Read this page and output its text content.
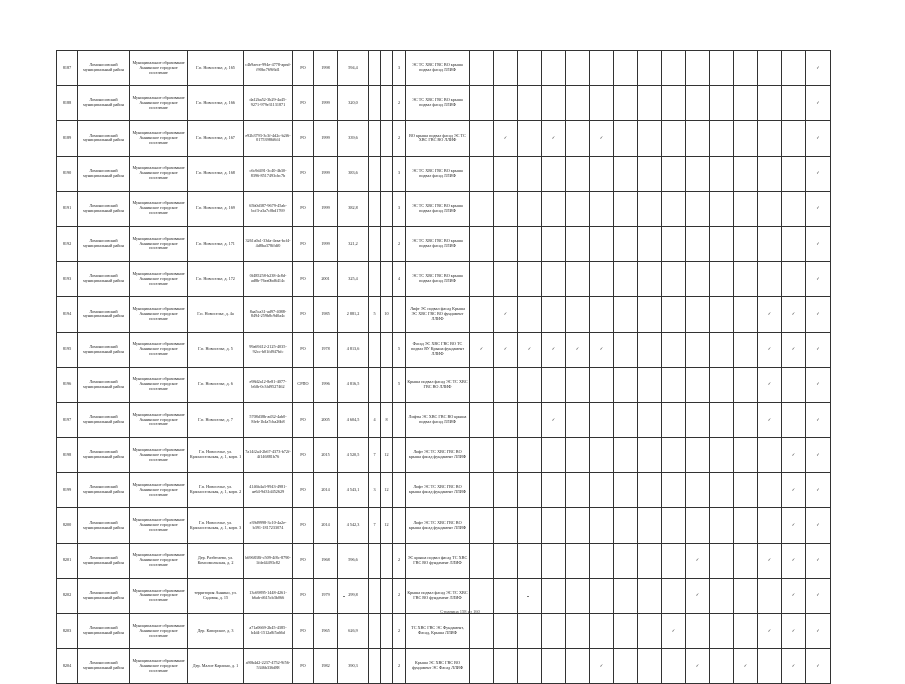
8187	Ломоносовский муниципальный район	Муниципальное образование Аннинское городское поселение	Г.п. Новоселье, д. 165	c4b9aece-994e-4778-apnd-f90bc769f6d1	РО	1998	594,4			3	ЭС ТС ХВС ГВС ВО крыша подвал фасад ЛЛИФ															✓
8188	Ломоносовский муниципальный район	Муниципальное образование Аннинское городское поселение	Г.п. Новоселье, д. 166	da12ba52-3b29-4a45-9271-979e31131871	РО	1999	320,0			2	ЭС ТС ХВС ГВС ВО крыша подвал фасад ЛЛИФ															✓
8189	Ломоносовский муниципальный район	Муниципальное образование Аннинское городское поселение	Г.п. Новоселье, д. 167	e92b3793-3c3f-4d2c-b2f6-01753986f6f4	РО	1999	339,6			2	ВО крыша подвал фасад ЭС ТС ХВС ГВС ВО ЛЛИФ		✓		✓		✓									✓
8190	Ломоносовский муниципальный район	Муниципальное образование Аннинское городское поселение	Г.п. Новоселье, д. 168	c6c9d491-3c40-4b30-8396-8517493cbc7b	РО	1999	383,6			3	ЭС ТС ХВС ГВС ВО крыша подвал фасад ЛЛИФ															✓
8191	Ломоносовский муниципальный район	Муниципальное образование Аннинское городское поселение	Г.п. Новоселье, д. 169	65b0d387-9679-45ab-bcf3-a3a7c0bd1769	РО	1999	382,8			3	ЭС ТС ХВС ГВС ВО крыша подвал фасад ЛЛИФ															✓
8192	Ломоносовский муниципальный район	Муниципальное образование Аннинское городское поселение	Г.п. Новоселье, д. 171	3261a0a1-33da-4eaa-bcf4-4d8ba378ffdf0	РО	1999	321,2			2	ЭС ТС ХВС ГВС ВО крыша подвал фасад ЛЛИФ															✓
8193	Ломоносовский муниципальный район	Муниципальное образование Аннинское городское поселение	Г.п. Новоселье, д. 172	0f485258-b238-4c8d-ad8b-76ea0bd6414c	РО	2001	325,4			4	ЭС ТС ХВС ГВС ВО крыша подвал фасад ЛЛИФ															✓
8194	Ломоносовский муниципальный район	Муниципальное образование Аннинское городское поселение	Г.п. Новоселье, д. 4а	8aa5ca31-ad97-4088-8494-259b8c9d0a4c	РО	1985	2 881,2	5	10		Лифт ЭС подвал фасад Крыша ЭС ХВС ГВС ВО фундамент ЛЛИФ		✓											✓	✓	✓
8195	Ломоносовский муниципальный район	Муниципальное образование Аннинское городское поселение	Г.п. Новоселье, д. 5	99a69412-2125-4035-92cc-b01fd947bfc	РО	1978	4 813,6			5	Фасад ЭС ХВС ГВС ВО ТС подвал ВУ Крыша фундамент ЛЛИФ	✓	✓	✓	✓	✓	✓							✓	✓	✓
8196	Ломоносовский муниципальный район	Муниципальное образование Аннинское городское поселение	Г.п. Новоселье, д. 6	e98d2a12-8e81-4077-b6fb-0c3fd9527462	СРПО	1996	4 816,5			5	Крыша подвал фасад ЭС ТС ХВС ГВС ВО ЛЛИФ													✓		✓
8197	Ломоносовский муниципальный район	Муниципальное образование Аннинское городское поселение	Г.п. Новоселье, д. 7	5708d38b-ad32-4ab0-8feb-1b4a7cba26b8	РО	2005	4 604,5	4	8		Лифты ЭС ХВС ГВС ВО крыша подвал фасад ЛЛИФ				✓									✓		✓
8198	Ломоносовский муниципальный район	Муниципальное образование Аннинское городское поселение	Г.п. Новоселье, ул. Красносельская, д. 1, корп. 1	7a14f2a4-2b67-4373-b72f-4f146881b76	РО	2015	4 520,5	7	12		Лифт ЭС ТС ХВС ГВС ВО крыша фасад фундамент ЛЛИФ														✓	✓
8199	Ломоносовский муниципальный район	Муниципальное образование Аннинское городское поселение	Г.п. Новоселье, ул. Красносельская, д. 1, корп. 2	4146b4a3-9943-4981-ae64-9d31d452629	РО	2014	4 543,1	3	12		Лифт ЭС ТС ХВС ГВС ВО крыша фасад фундамент ЛЛИФ														✓	✓
8200	Ломоносовский муниципальный район	Муниципальное образование Аннинское городское поселение	Г.п. Новоселье, ул. Красносельская, д. 1, корп. 3	e39d9998-3c10-4a2e-b391-1817233074	РО	2014	4 542,3	7	12		Лифт ЭС ТС ХВС ГВС ВО крыша фасад фундамент ЛЛИФ														✓	✓
8201	Ломоносовский муниципальный район	Муниципальное образование Аннинское городское поселение	Дер. Разбегаево, ул. Комсомольская, д. 2	b696838f-c509-4f8c-8790-1fde44493c82	РО	1968	596,6			2	ЭС крыша подвал фасад ТС ХВС ГВС ВО фундамент ЛЛИФ										✓			✓	✓	✓
8202	Ломоносовский муниципальный район	Муниципальное образование Аннинское городское поселение	территория Аннино, ул. Садовая, д. 15	13c69895-1448-4261-b6ab-d615cb3b066	РО	1979	299,8			2	Крыша подвал фасад ЭС ТС ХВС ГВС ВО фундамент ЛЛИФ										✓				✓	✓
8203	Ломоносовский муниципальный район	Муниципальное образование Аннинское городское поселение	Дер. Капорское, д. 3	a71a0669-2b45-4385-b4d4-1512a8f5a66d	РО	1965	626,9			2	ТС ХВС ГВС ЭС Фундамент, Фасад, Крыша ЛЛИФ									✓				✓	✓	✓
8204	Ломоносовский муниципальный район	Муниципальное образование Аннинское городское поселение	Дер. Малое Карлино, д. 1	a90b4d2-2237-4752-9f56-5346b336d88	РО	1982	390,3			2	Крыша ЭС ХВС ГВС ВО фундамент ЭС Фасад ЛЛИФ						✓				✓		✓		✓	✓
Страница 158 из 160
